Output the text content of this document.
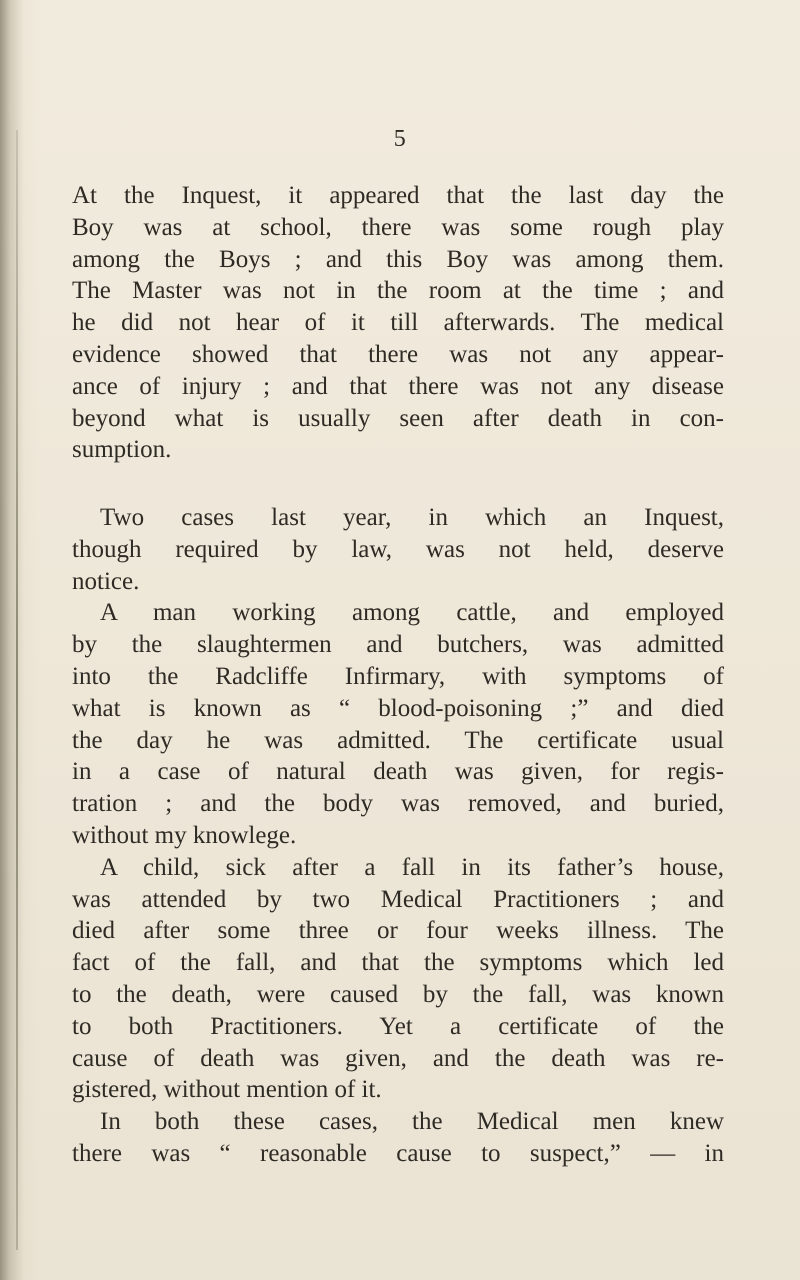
5

At the Inquest, it appeared that the last day the

Boy was at school, there was some rough play

among the Boys ; and this Boy was among them.

The Master was not in the room at the time ; and

he did not hear of it till afterwards. The medical

evidence showed that there was not any appear-

ance of injury ; and that there was not any disease

beyond what is usually seen after death in con-

sumption.

Two cases last year, in which an Inquest,

though required by law, was not held, deserve

notice.

A man working among cattle, and employed

by the slaughtermen and butchers, was admitted

into the Radcliffe Infirmary, with symptoms of

what is known as “ blood-poisoning ;” and died

the day he was admitted. The certificate usual

in a case of natural death was given, for regis-

tration ; and the body was removed, and buried,

without my knowlege.

A child, sick after a fall in its father’s house,

was attended by two Medical Practitioners ; and

died after some three or four weeks illness. The

fact of the fall, and that the symptoms which led

to the death, were caused by the fall, was known

to both Practitioners. Yet a certificate of the

cause of death was given, and the death was re-

gistered, without mention of it.

In both these cases, the Medical men knew

there was “ reasonable cause to suspect,” — in
